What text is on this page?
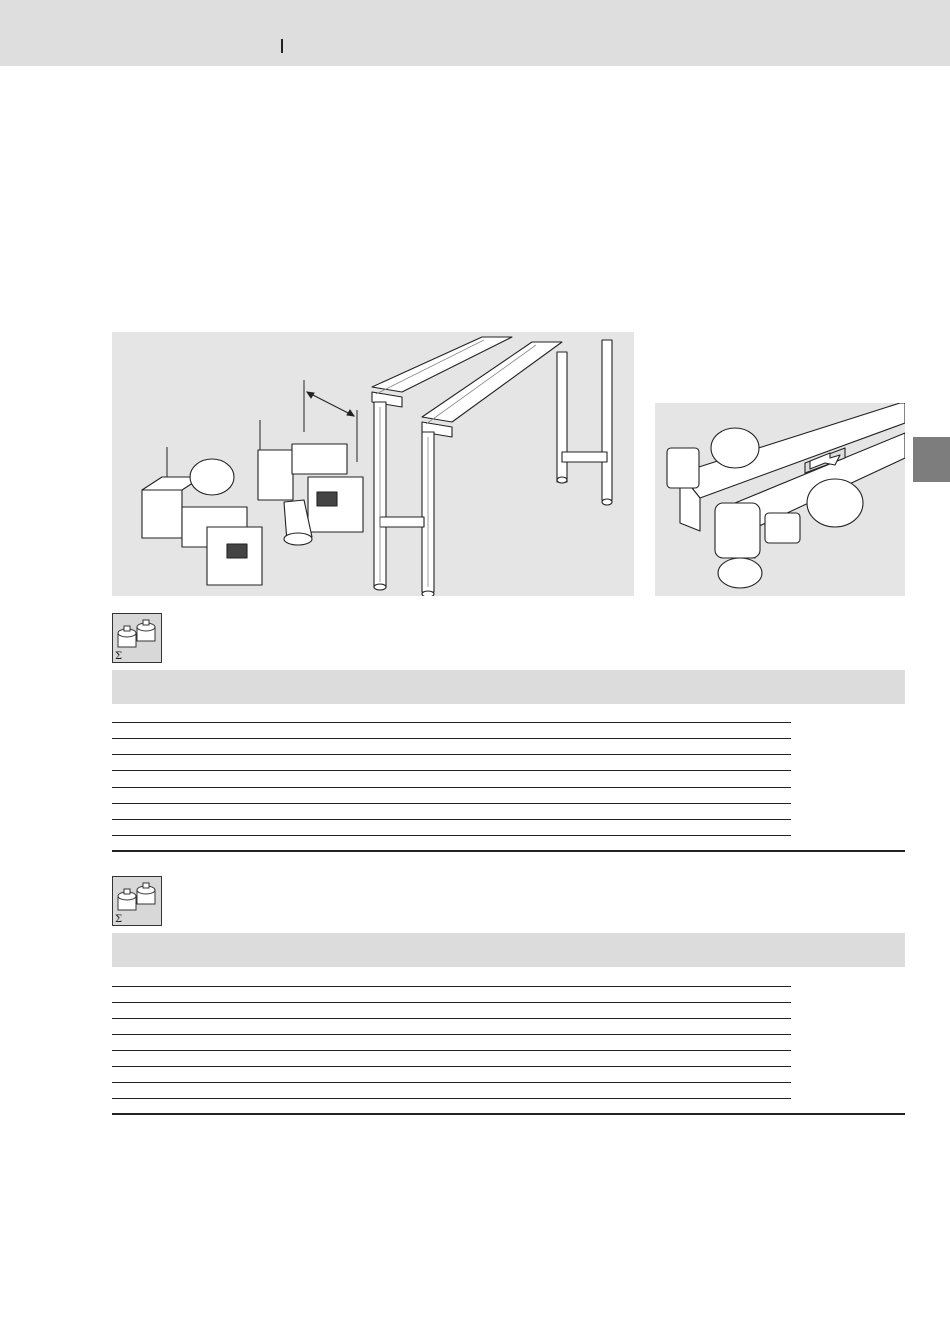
Σ
Σ
